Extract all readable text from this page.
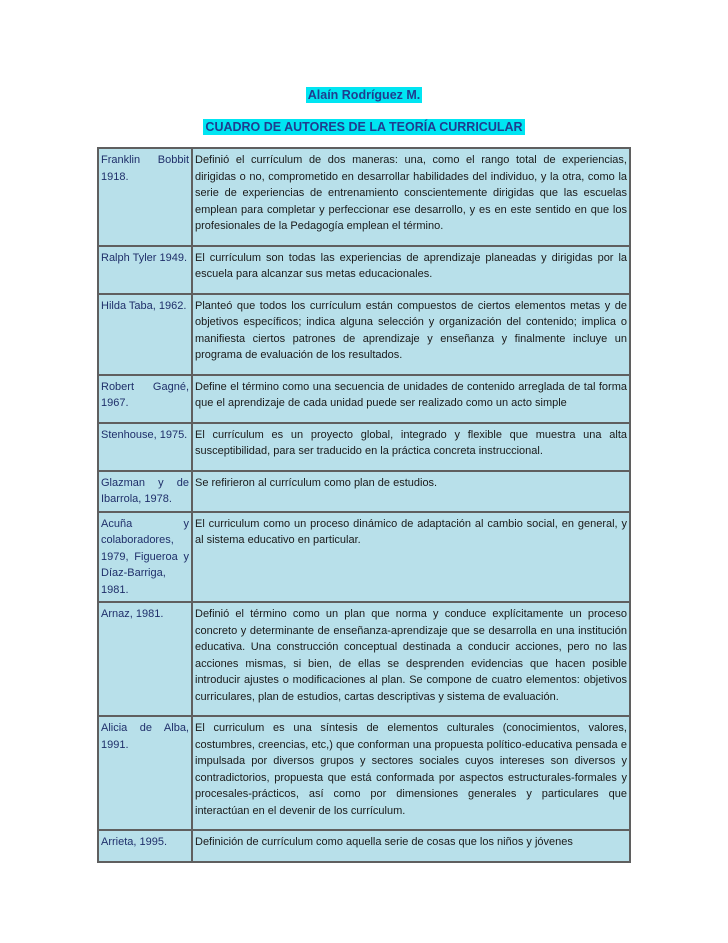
Alaín Rodríguez M.
CUADRO DE AUTORES DE LA TEORÍA CURRICULAR
Franklin Bobbit 1918.	Definió el currículum de dos maneras: una, como el rango total de experiencias, dirigidas o no, comprometido en desarrollar habilidades del individuo, y la otra, como la serie de experiencias de entrenamiento conscientemente dirigidas que las escuelas emplean para completar y perfeccionar ese desarrollo, y es en este sentido en que los profesionales de la Pedagogía emplean el término.

Ralph Tyler 1949.	El currículum son todas las experiencias de aprendizaje planeadas y dirigidas por la escuela para alcanzar sus metas educacionales.

Hilda Taba, 1962.	Planteó que todos los currículum están compuestos de ciertos elementos metas y de objetivos específicos; indica alguna selección y organización del contenido; implica o manifiesta ciertos patrones de aprendizaje y enseñanza y finalmente incluye un programa de evaluación de los resultados.

Robert Gagné, 1967.	Define el término como una secuencia de unidades de contenido arreglada de tal forma que el aprendizaje de cada unidad puede ser realizado como un acto simple

Stenhouse, 1975.	El currículum es un proyecto global, integrado y flexible que muestra una alta susceptibilidad, para ser traducido en la práctica concreta instruccional.

Glazman y de Ibarrola, 1978.	Se refirieron al currículum como plan de estudios.

Acuña y colaboradores, 1979, Figueroa y Díaz-Barriga, 1981.	El curriculum como un proceso dinámico de adaptación al cambio social, en general, y al sistema educativo en particular.

Arnaz, 1981.	Definió el término como un plan que norma y conduce explícitamente un proceso concreto y determinante de enseñanza-aprendizaje que se desarrolla en una institución educativa. Una construcción conceptual destinada a conducir acciones, pero no las acciones mismas, si bien, de ellas se desprenden evidencias que hacen posible introducir ajustes o modificaciones al plan. Se compone de cuatro elementos: objetivos curriculares, plan de estudios, cartas descriptivas y sistema de evaluación.

Alicia de Alba, 1991.	El curriculum es una síntesis de elementos culturales (conocimientos, valores, costumbres, creencias, etc,) que conforman una propuesta político-educativa pensada e impulsada por diversos grupos y sectores sociales cuyos intereses son diversos y contradictorios, propuesta que está conformada por aspectos estructurales-formales y procesales-prácticos, así como por dimensiones generales y particulares que interactúan en el devenir de los currículum.

Arrieta, 1995.	Definición de currículum como aquella serie de cosas que los niños y jóvenes
